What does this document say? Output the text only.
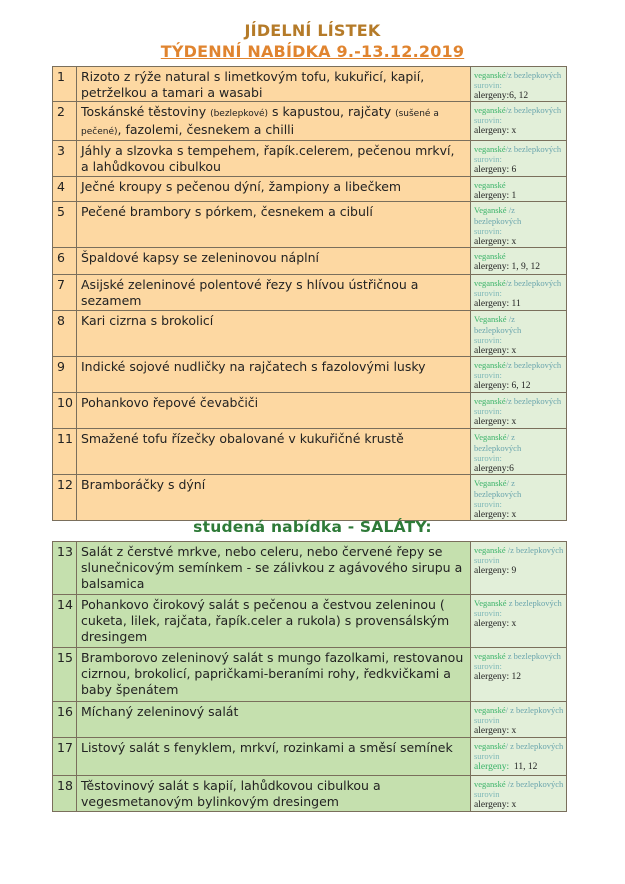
JÍDELNÍ LÍSTEK
TÝDENNÍ NABÍDKA 9.-13.12.2019
1	Rizoto z rýže natural s limetkovým tofu, kukuřicí, kapií, petrželkou a tamari a wasabi	veganské/z bezlepkových
surovin:
alergeny:6, 12

2	Toskánské těstoviny (bezlepkové) s kapustou, rajčaty (sušené a pečené), fazolemi, česnekem a chilli	veganské/z bezlepkových
surovin:
alergeny: x

3	Jáhly a slzovka s tempehem, řapík.celerem, pečenou mrkví, a lahůdkovou cibulkou	veganské/z bezlepkových
surovin:
alergeny: 6

4	Ječné kroupy s pečenou dýní, žampiony a libečkem	veganské
alergeny: 1

5	Pečené brambory s pórkem, česnekem a cibulí	Veganské /z bezlepkových
surovin:
alergeny: x

6	Špaldové kapsy se zeleninovou náplní	veganské
alergeny: 1, 9, 12

7	Asijské zeleninové polentové řezy s hlívou ústřičnou a sezamem	veganské/z bezlepkových
surovin:
alergeny: 11

8	Kari cizrna s brokolicí	Veganské /z bezlepkových
surovin:
alergeny: x

9	Indické sojové nudličky na rajčatech s fazolovými lusky	veganské/z bezlepkových
surovin:
alergeny: 6, 12

10	Pohankovo řepové čevabčiči	veganské/z bezlepkových
surovin:
alergeny: x

11	Smažené tofu řízečky obalované v kukuřičné krustě	Veganské/ z bezlepkových
surovin:
alergeny:6

12	Bramboráčky s dýní	Veganské/ z bezlepkových
surovin:
alergeny: x
studená nabídka - SALÁTY:
13	Salát z čerstvé mrkve, nebo celeru, nebo červené řepy se slunečnicovým semínkem - se zálivkou z agávového sirupu a balsamica	veganské /z bezlepkových
surovin
alergeny: 9

14	Pohankovo čirokový salát s pečenou a čestvou zeleninou ( cuketa, lilek, rajčata, řapík.celer a rukola) s provensálským dresingem	Veganské z bezlepkových
surovin:
alergeny: x

15	Bramborovo zeleninový salát s mungo fazolkami, restovanou cizrnou, brokolicí, papričkami-beraními rohy, ředkvičkami a baby špenátem	veganské z bezlepkových
surovin:
alergeny: 12

16	Míchaný zeleninový salát	veganské/ z bezlepkových
surovin
alergeny: x

17	Listový salát s fenyklem, mrkví, rozinkami a směsí semínek	veganské/ z bezlepkových
surovin
alergeny: 11, 12

18	Těstovinový salát s kapií, lahůdkovou cibulkou a vegesmetanovým bylinkovým dresingem	veganské /z bezlepkových
surovin
alergeny: x
